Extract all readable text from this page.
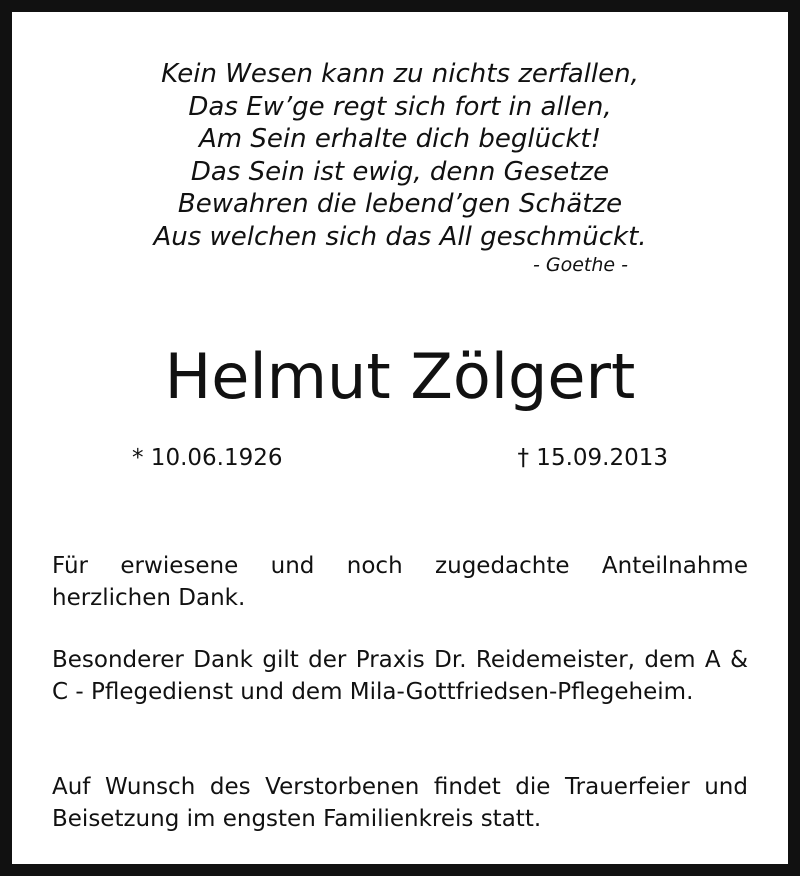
Kein Wesen kann zu nichts zerfallen,
Das Ew’ge regt sich fort in allen,
Am Sein erhalte dich beglückt!
Das Sein ist ewig, denn Gesetze
Bewahren die lebend’gen Schätze
Aus welchen sich das All geschmückt.
- Goethe -
Helmut Zölgert
* 10.06.1926	† 15.09.2013
Für erwiesene und noch zugedachte Anteilnahme herzlichen Dank.
Besonderer Dank gilt der Praxis Dr. Reidemeister, dem A & C - Pflegedienst und dem Mila-Gottfriedsen-Pflegeheim.
Auf Wunsch des Verstorbenen findet die Trauerfeier und Beisetzung im engsten Familienkreis statt.
